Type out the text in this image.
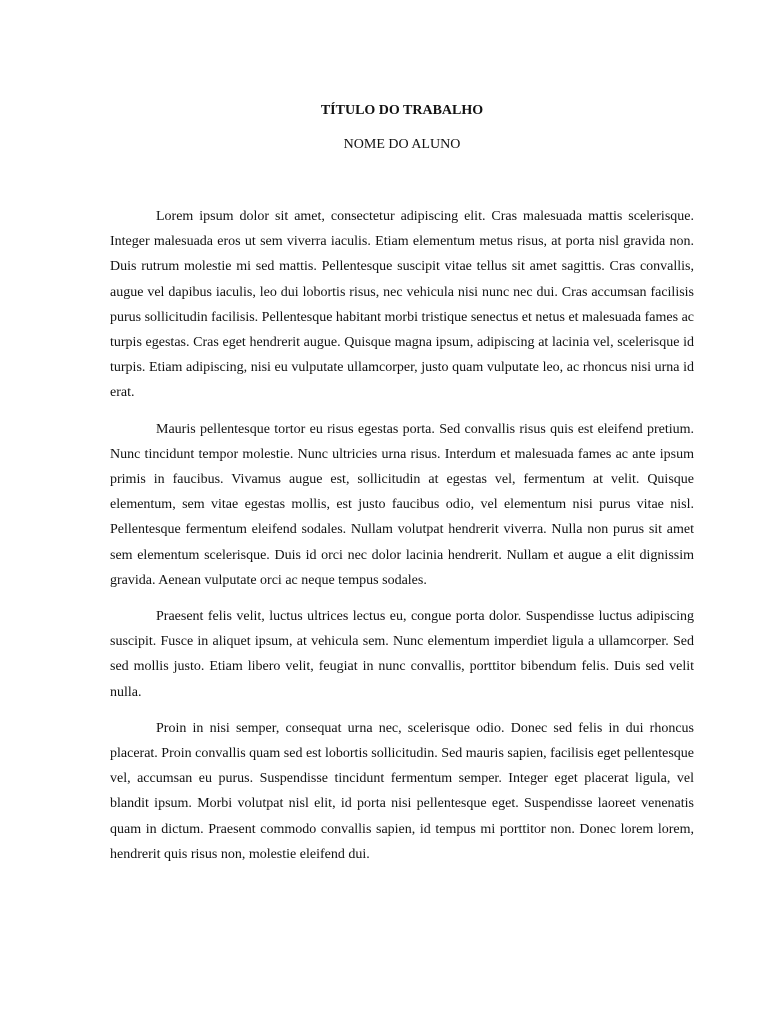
TÍTULO DO TRABALHO

NOME DO ALUNO

Lorem ipsum dolor sit amet, consectetur adipiscing elit. Cras malesuada mattis scelerisque. Integer malesuada eros ut sem viverra iaculis. Etiam elementum metus risus, at porta nisl gravida non. Duis rutrum molestie mi sed mattis. Pellentesque suscipit vitae tellus sit amet sagittis. Cras convallis, augue vel dapibus iaculis, leo dui lobortis risus, nec vehicula nisi nunc nec dui. Cras accumsan facilisis purus sollicitudin facilisis. Pellentesque habitant morbi tristique senectus et netus et malesuada fames ac turpis egestas. Cras eget hendrerit augue. Quisque magna ipsum, adipiscing at lacinia vel, scelerisque id turpis. Etiam adipiscing, nisi eu vulputate ullamcorper, justo quam vulputate leo, ac rhoncus nisi urna id erat.

Mauris pellentesque tortor eu risus egestas porta. Sed convallis risus quis est eleifend pretium. Nunc tincidunt tempor molestie. Nunc ultricies urna risus. Interdum et malesuada fames ac ante ipsum primis in faucibus. Vivamus augue est, sollicitudin at egestas vel, fermentum at velit. Quisque elementum, sem vitae egestas mollis, est justo faucibus odio, vel elementum nisi purus vitae nisl. Pellentesque fermentum eleifend sodales. Nullam volutpat hendrerit viverra. Nulla non purus sit amet sem elementum scelerisque. Duis id orci nec dolor lacinia hendrerit. Nullam et augue a elit dignissim gravida. Aenean vulputate orci ac neque tempus sodales.

Praesent felis velit, luctus ultrices lectus eu, congue porta dolor. Suspendisse luctus adipiscing suscipit. Fusce in aliquet ipsum, at vehicula sem. Nunc elementum imperdiet ligula a ullamcorper. Sed sed mollis justo. Etiam libero velit, feugiat in nunc convallis, porttitor bibendum felis. Duis sed velit nulla.

Proin in nisi semper, consequat urna nec, scelerisque odio. Donec sed felis in dui rhoncus placerat. Proin convallis quam sed est lobortis sollicitudin. Sed mauris sapien, facilisis eget pellentesque vel, accumsan eu purus. Suspendisse tincidunt fermentum semper. Integer eget placerat ligula, vel blandit ipsum. Morbi volutpat nisl elit, id porta nisi pellentesque eget. Suspendisse laoreet venenatis quam in dictum. Praesent commodo convallis sapien, id tempus mi porttitor non. Donec lorem lorem, hendrerit quis risus non, molestie eleifend dui.
